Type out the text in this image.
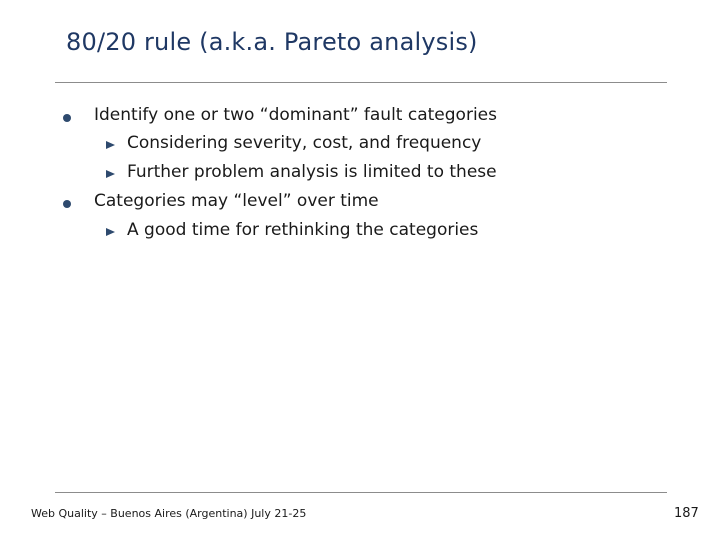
80/20 rule (a.k.a. Pareto analysis)
Identify one or two “dominant” fault categories
Considering severity, cost, and frequency
Further problem analysis is limited to these
Categories may “level” over time
A good time for rethinking the categories
Web Quality – Buenos Aires (Argentina) July 21-25	187
